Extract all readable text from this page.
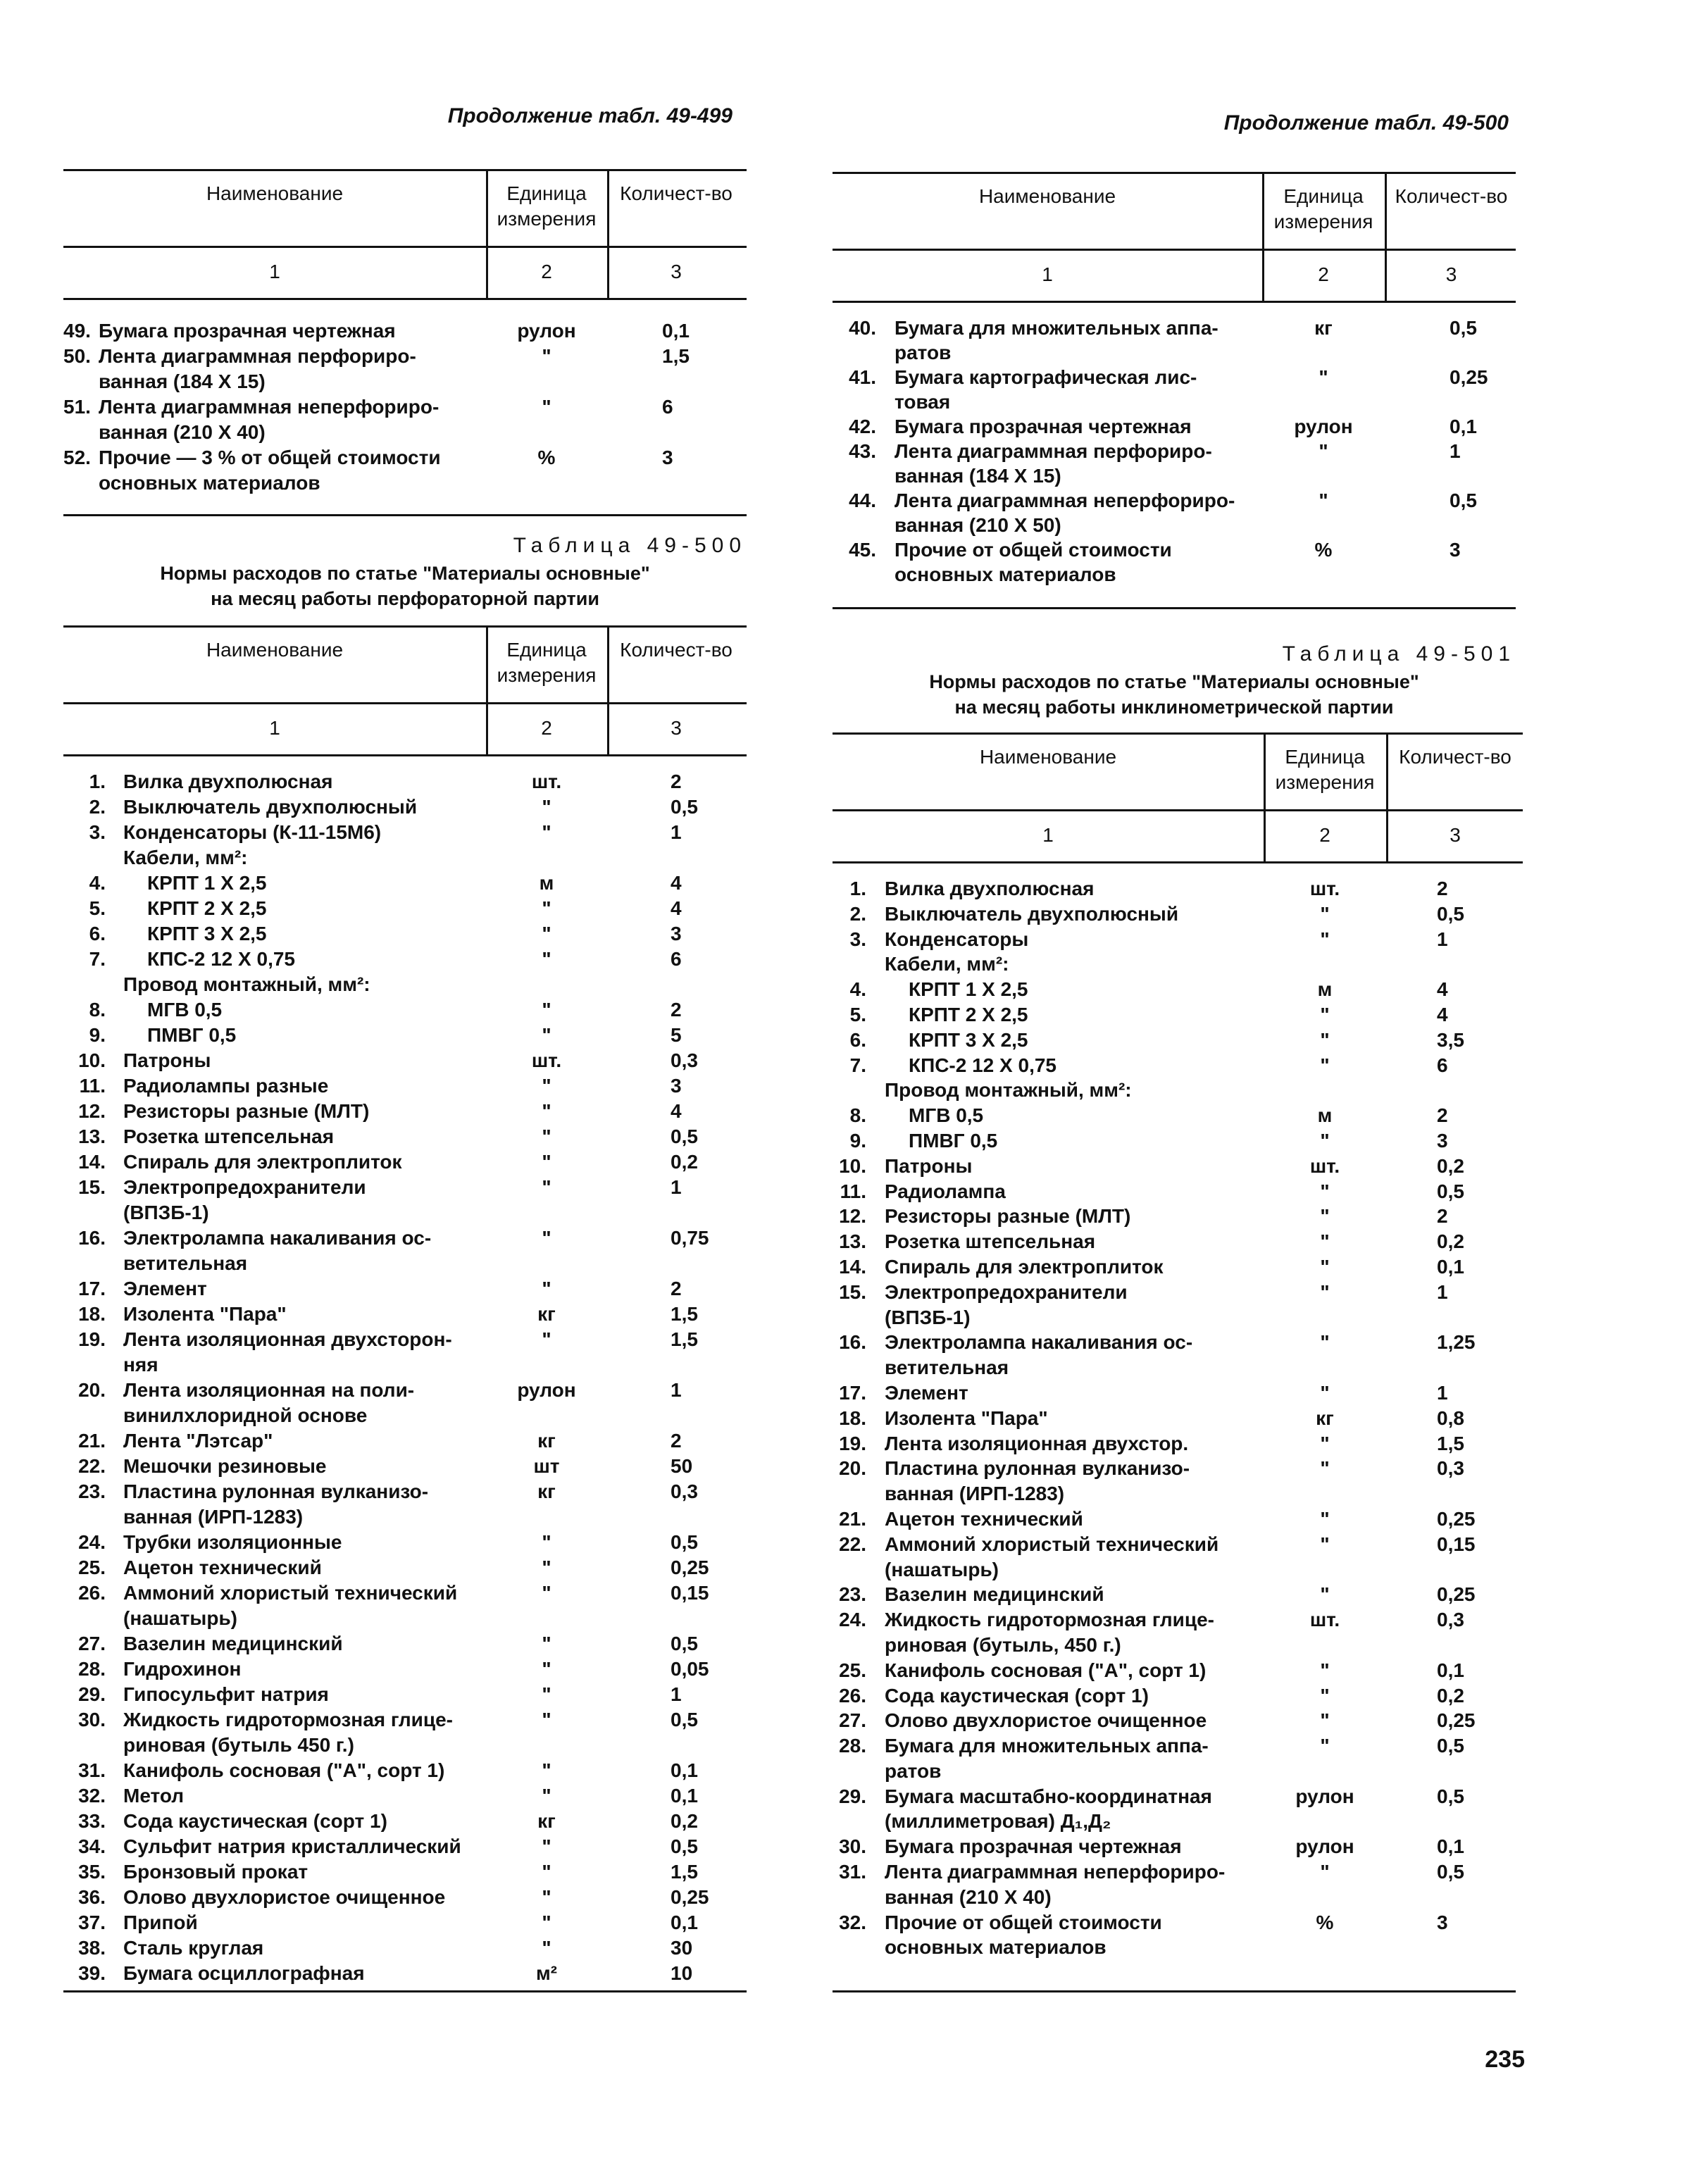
Продолжение табл. 49-499
Наименование	Единица измерения
Количест-во
1	2	3
49. Бумага прозрачная чертежная	рулон	0,1
50. Лента диаграммная перфориро-
ванная (184 X 15)
"	1,5
51. Лента диаграммная неперфориро-
ванная (210 X 40)
"	6
52. Прочие — 3 % от общей стоимости
основных материалов
%	3
Таблица 49-500
Нормы расходов по статье "Материалы основные"
на месяц работы перфораторной партии
Наименование	Единица измерения
Количест-во
1	2	3
1. Вилка двухполюсная	шт.	2
2. Выключатель двухполюсный	"	0,5
3. Конденсаторы (К-11-15М6)	"	1
Кабели, мм²:
4. КРПТ 1 X 2,5	м	4
5. КРПТ 2 X 2,5	"	4
6. КРПТ 3 X 2,5	"	3
7. КПС-2 12 X 0,75	"	6
Провод монтажный, мм²:
8. МГВ 0,5	"	2
9. ПМВГ 0,5	"	5
10. Патроны	шт.	0,3
11. Радиолампы разные	"	3
12. Резисторы разные (МЛТ)	"	4
13. Розетка штепсельная	"	0,5
14. Спираль для электроплиток	"	0,2
15. Электропредохранители
(ВПЗБ-1)
"	1
16. Электролампа накаливания ос-
ветительная
"	0,75
17. Элемент	"	2
18. Изолента "Пара"	кг	1,5
19. Лента изоляционная двухсторон-
няя
"	1,5
20. Лента изоляционная на поли-
винилхлоридной основе
рулон	1
21. Лента "Лэтсар"	кг	2
22. Мешочки резиновые	шт	50
23. Пластина рулонная вулканизо-
ванная (ИРП-1283)
кг	0,3
24. Трубки изоляционные	"	0,5
25. Ацетон технический	"	0,25
26. Аммоний хлористый технический
(нашатырь)
"	0,15
27. Вазелин медицинский	"	0,5
28. Гидрохинон	"	0,05
29. Гипосульфит натрия	"	1
30. Жидкость гидротормозная глице-
риновая (бутыль 450 г.)
"	0,5
31. Канифоль сосновая ("А", сорт 1)	"	0,1
32. Метол	"	0,1
33. Сода каустическая (сорт 1)	кг	0,2
34. Сульфит натрия кристаллический	"	0,5
35. Бронзовый прокат	"	1,5
36. Олово двухлористое очищенное	"	0,25
37. Припой	"	0,1
38. Сталь круглая	"	30
39. Бумага осциллографная	м²	10
Продолжение табл. 49-500
Наименование	Единица измерения
Количест-во
1	2	3
40. Бумага для множительных аппа-
ратов
кг	0,5
41. Бумага картографическая лис-
товая
"	0,25
42. Бумага прозрачная чертежная	рулон	0,1
43. Лента диаграммная перфориро-
ванная (184 X 15)
"	1
44. Лента диаграммная неперфориро-
ванная (210 X 50)
"	0,5
45. Прочие от общей стоимости
основных материалов
%	3
Таблица 49-501
Нормы расходов по статье "Материалы основные"
на месяц работы инклинометрической партии
Наименование	Единица измерения
Количест-во
1	2	3
1. Вилка двухполюсная	шт.	2
2. Выключатель двухполюсный	"	0,5
3. Конденсаторы	"	1
Кабели, мм²:
4. КРПТ 1 X 2,5	м	4
5. КРПТ 2 X 2,5	"	4
6. КРПТ 3 X 2,5	"	3,5
7. КПС-2 12 X 0,75	"	6
Провод монтажный, мм²:
8. МГВ 0,5	м	2
9. ПМВГ 0,5	"	3
10. Патроны	шт.	0,2
11. Радиолампа	"	0,5
12. Резисторы разные (МЛТ)	"	2
13. Розетка штепсельная	"	0,2
14. Спираль для электроплиток	"	0,1
15. Электропредохранители
(ВПЗБ-1)
"	1
16. Электролампа накаливания ос-
ветительная
"	1,25
17. Элемент	"	1
18. Изолента "Пара"	кг	0,8
19. Лента изоляционная двухстор.	"	1,5
20. Пластина рулонная вулканизо-
ванная (ИРП-1283)
"	0,3
21. Ацетон технический	"	0,25
22. Аммоний хлористый технический
(нашатырь)
"	0,15
23. Вазелин медицинский	"	0,25
24. Жидкость гидротормозная глице-
риновая (бутыль, 450 г.)
шт.	0,3
25. Канифоль сосновая ("А", сорт 1)	"	0,1
26. Сода каустическая (сорт 1)	"	0,2
27. Олово двухлористое очищенное	"	0,25
28. Бумага для множительных аппа-
ратов
"	0,5
29. Бумага масштабно-координатная
(миллиметровая) Д₁,Д₂
рулон	0,5
30. Бумага прозрачная чертежная	рулон	0,1
31. Лента диаграммная неперфориро-
ванная (210 X 40)
"	0,5
32. Прочие от общей стоимости
основных материалов
%	3
235
